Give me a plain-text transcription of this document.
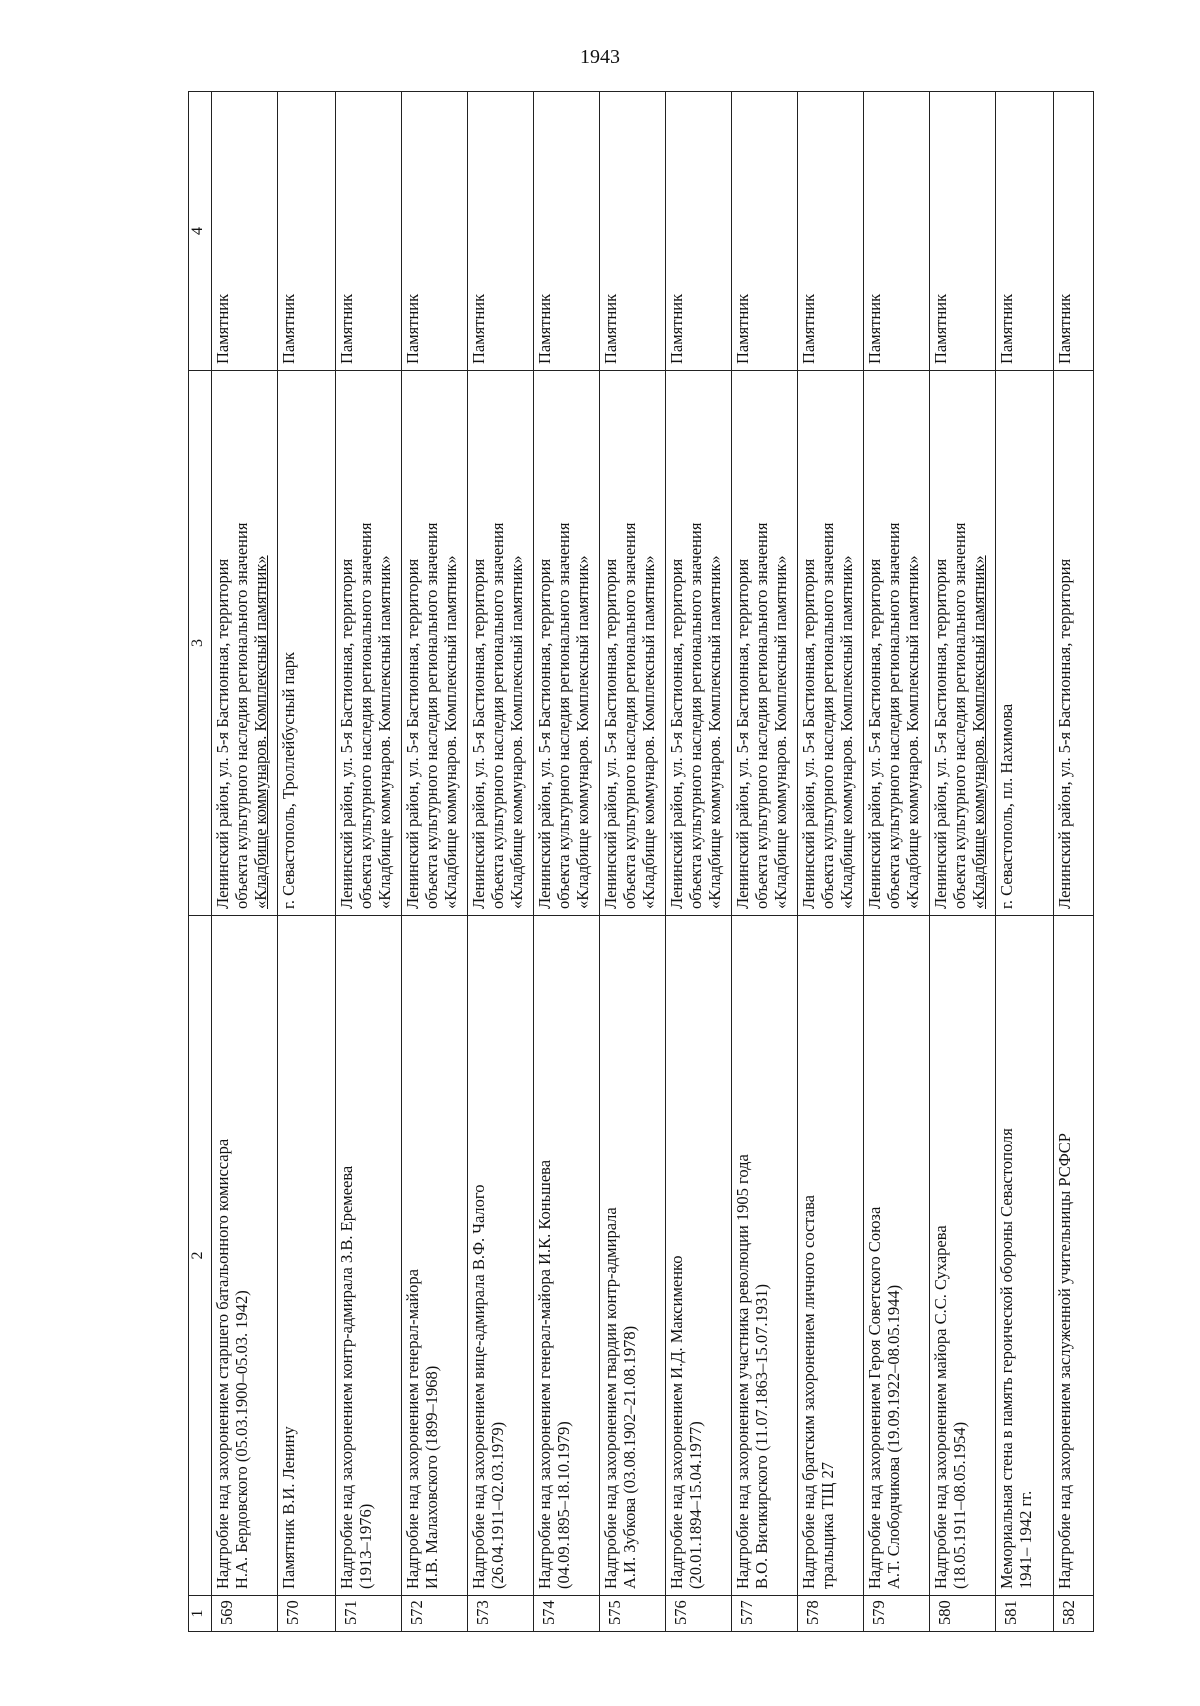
1943
1	2	3	4
569	Надгробие над захоронением старшего батальонного комиссара Н.А. Бердовского (05.03.1900–05.03. 1942)	Ленинский район, ул. 5-я Бастионная, территория объекта культурного наследия регионального значения «Кладбище коммунаров. Комплексный памятник»	Памятник
570	Памятник В.И. Ленину	г. Севастополь, Троллейбусный парк	Памятник
571	Надгробие над захоронением контр-адмирала З.В. Еремеева (1913–1976)	Ленинский район, ул. 5-я Бастионная, территория объекта культурного наследия регионального значения «Кладбище коммунаров. Комплексный памятник»	Памятник
572	Надгробие над захоронением генерал-майора И.В. Малаховского (1899–1968)	Ленинский район, ул. 5-я Бастионная, территория объекта культурного наследия регионального значения «Кладбище коммунаров. Комплексный памятник»	Памятник
573	Надгробие над захоронением вице-адмирала В.Ф. Чалого (26.04.1911–02.03.1979)	Ленинский район, ул. 5-я Бастионная, территория объекта культурного наследия регионального значения «Кладбище коммунаров. Комплексный памятник»	Памятник
574	Надгробие над захоронением генерал-майора И.К. Коньшева (04.09.1895–18.10.1979)	Ленинский район, ул. 5-я Бастионная, территория объекта культурного наследия регионального значения «Кладбище коммунаров. Комплексный памятник»	Памятник
575	Надгробие над захоронением гвардии контр-адмирала А.И. Зубкова (03.08.1902–21.08.1978)	Ленинский район, ул. 5-я Бастионная, территория объекта культурного наследия регионального значения «Кладбище коммунаров. Комплексный памятник»	Памятник
576	Надгробие над захоронением И.Д. Максименко (20.01.1894–15.04.1977)	Ленинский район, ул. 5-я Бастионная, территория объекта культурного наследия регионального значения «Кладбище коммунаров. Комплексный памятник»	Памятник
577	Надгробие над захоронением участника революции 1905 года В.О. Висикирского (11.07.1863–15.07.1931)	Ленинский район, ул. 5-я Бастионная, территория объекта культурного наследия регионального значения «Кладбище коммунаров. Комплексный памятник»	Памятник
578	Надгробие над братским захоронением личного состава тральщика ТЩ 27	Ленинский район, ул. 5-я Бастионная, территория объекта культурного наследия регионального значения «Кладбище коммунаров. Комплексный памятник»	Памятник
579	Надгробие над захоронением Героя Советского Союза А.Т. Слободчикова (19.09.1922–08.05.1944)	Ленинский район, ул. 5-я Бастионная, территория объекта культурного наследия регионального значения «Кладбище коммунаров. Комплексный памятник»	Памятник
580	Надгробие над захоронением майора С.С. Сухарева (18.05.1911–08.05.1954)	Ленинский район, ул. 5-я Бастионная, территория объекта культурного наследия регионального значения «Кладбище коммунаров. Комплексный памятник»	Памятник
581	Мемориальная стена в память героической обороны Севастополя 1941– 1942 гг.	г. Севастополь, пл. Нахимова	Памятник
582	Надгробие над захоронением заслуженной учительницы РСФСР	Ленинский район, ул. 5-я Бастионная, территория	Памятник
